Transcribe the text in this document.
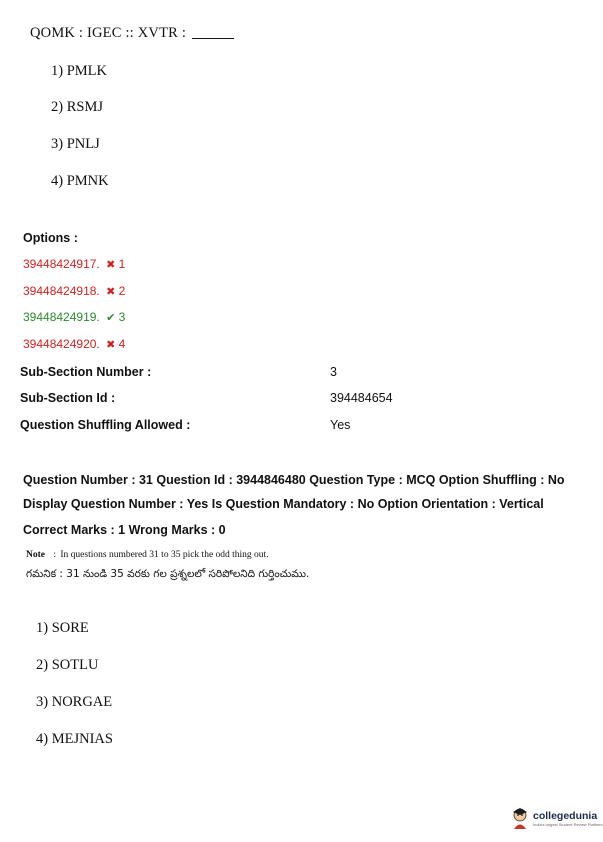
QOMK : IGEC :: XVTR :
1) PMLK
2) RSMJ
3) PNLJ
4) PMNK
Options :
39448424917. ✖ 1
39448424918. ✖ 2
39448424919. ✔ 3
39448424920. ✖ 4
Sub-Section Number :	3
Sub-Section Id :	394484654
Question Shuffling Allowed :	Yes
Question Number : 31 Question Id : 3944846480 Question Type : MCQ Option Shuffling : No
Display Question Number : Yes Is Question Mandatory : No Option Orientation : Vertical
Correct Marks : 1 Wrong Marks : 0
Note : In questions numbered 31 to 35 pick the odd thing out.
గమనిక : 31 నుండి 35 వరకు గల ప్రశ్నలలో సరిపోలనిది గుర్తించుము.
1) SORE
2) SOTLU
3) NORGAE
4) MEJNIAS
collegedunia
India's largest Student Review Platform
